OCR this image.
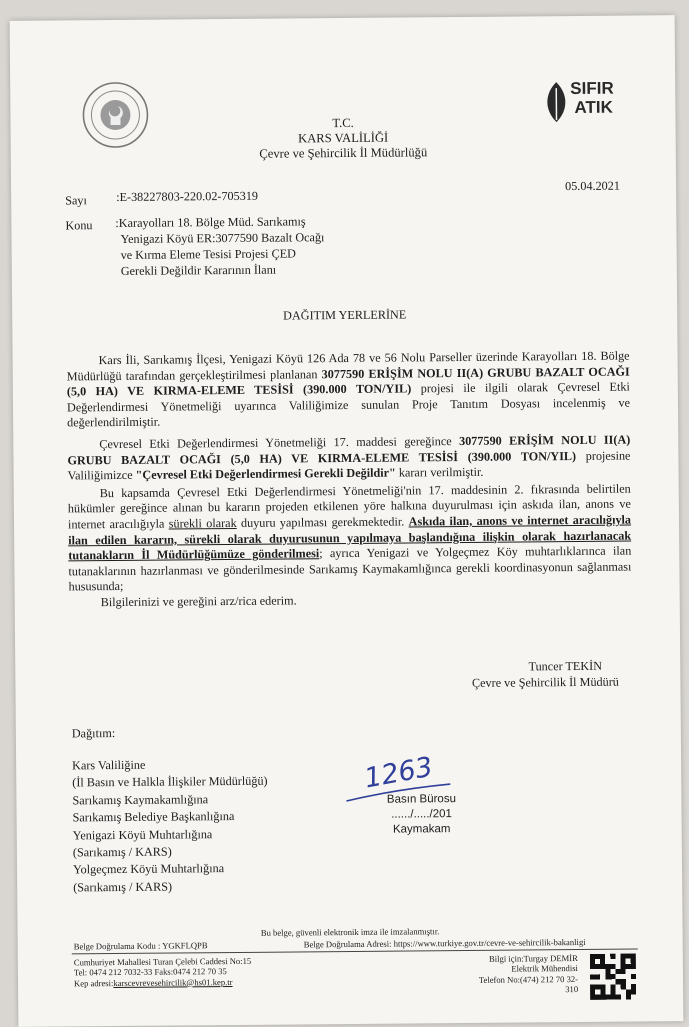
SIFIR
ATIK
T.C.
KARS VALİLİĞİ
Çevre ve Şehircilik İl Müdürlüğü
Sayı :E-38227803-220.02-705319
05.04.2021
Konu :Karayolları 18. Bölge Müd. Sarıkamış
Yenigazi Köyü ER:3077590 Bazalt Ocağı
ve Kırma Eleme Tesisi Projesi ÇED
Gerekli Değildir Kararının İlanı
DAĞITIM YERLERİNE

Kars İli, Sarıkamış İlçesi, Yenigazi Köyü 126 Ada 78 ve 56 Nolu Parseller üzerinde Karayolları 18. Bölge Müdürlüğü tarafından gerçekleştirilmesi planlanan 3077590 ERİŞİM NOLU II(A) GRUBU BAZALT OCAĞI (5,0 HA) VE KIRMA-ELEME TESİSİ (390.000 TON/YIL) projesi ile ilgili olarak Çevresel Etki Değerlendirmesi Yönetmeliği uyarınca Valiliğimize sunulan Proje Tanıtım Dosyası incelenmiş ve değerlendirilmiştir.

Çevresel Etki Değerlendirmesi Yönetmeliği 17. maddesi gereğince 3077590 ERİŞİM NOLU II(A) GRUBU BAZALT OCAĞI (5,0 HA) VE KIRMA-ELEME TESİSİ (390.000 TON/YIL) projesine Valiliğimizce "Çevresel Etki Değerlendirmesi Gerekli Değildir" kararı verilmiştir.

Bu kapsamda Çevresel Etki Değerlendirmesi Yönetmeliği'nin 17. maddesinin 2. fıkrasında belirtilen hükümler gereğince alınan bu kararın projeden etkilenen yöre halkına duyurulması için askıda ilan, anons ve internet aracılığıyla sürekli olarak duyuru yapılması gerekmektedir. Askıda ilan, anons ve internet aracılığıyla ilan edilen kararın, sürekli olarak duyurusunun yapılmaya başlandığına ilişkin olarak hazırlanacak tutanakların İl Müdürlüğümüze gönderilmesi; ayrıca Yenigazi ve Yolgeçmez Köy muhtarlıklarınca ilan tutanaklarının hazırlanması ve gönderilmesinde Sarıkamış Kaymakamlığınca gerekli koordinasyonun sağlanması hususunda;

Bilgilerinizi ve gereğini arz/rica ederim.

Tuncer TEKİN
Çevre ve Şehircilik İl Müdürü
Dağıtım:
Kars Valiliğine
(İl Basın ve Halkla İlişkiler Müdürlüğü)
Sarıkamış Kaymakamlığına
Sarıkamış Belediye Başkanlığına
Yenigazi Köyü Muhtarlığına
(Sarıkamış / KARS)
Yolgeçmez Köyü Muhtarlığına
(Sarıkamış / KARS)
1263
Basın Bürosu
....../...../201
Kaymakam
Bu belge, güvenli elektronik imza ile imzalanmıştır.
Belge Doğrulama Kodu : YGKFLQPB	Belge Doğrulama Adresi: https://www.turkiye.gov.tr/cevre-ve-sehircilik-bakanligi
Cumhuriyet Mahallesi Turan Çelebi Caddesi No:15
Tel: 0474 212 7032-33 Faks:0474 212 70 35
Kep adresi:karscevrevesehircilik@hs01.kep.tr
Bilgi için:Turgay DEMİR
Elektrik Mühendisi
Telefon No:(474) 212 70 32-
310
